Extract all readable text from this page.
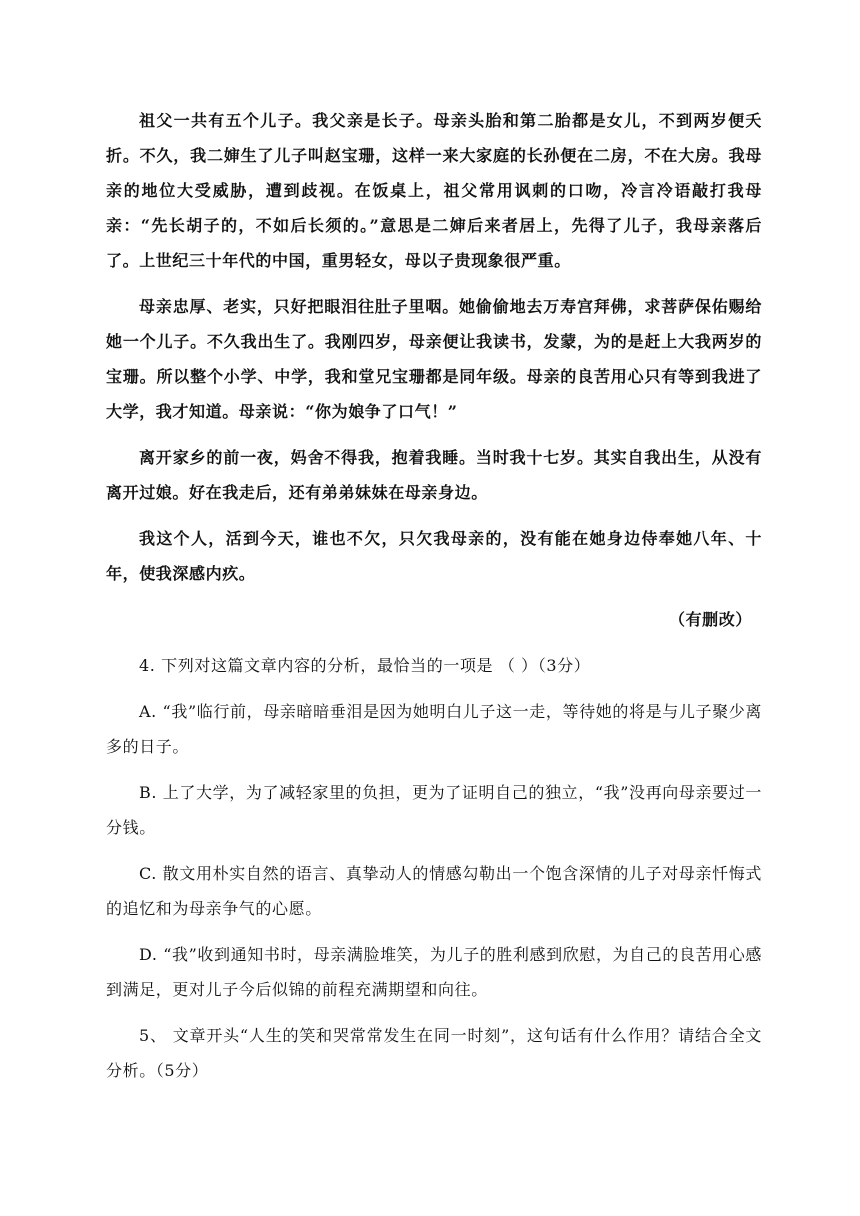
祖父一共有五个儿子。我父亲是长子。母亲头胎和第二胎都是女儿，不到两岁便夭折。不久，我二婶生了儿子叫赵宝珊，这样一来大家庭的长孙便在二房，不在大房。我母亲的地位大受威胁，遭到歧视。在饭桌上，祖父常用讽刺的口吻，冷言冷语敲打我母亲：“先长胡子的，不如后长须的。”意思是二婶后来者居上，先得了儿子，我母亲落后了。上世纪三十年代的中国，重男轻女，母以子贵现象很严重。

母亲忠厚、老实，只好把眼泪往肚子里咽。她偷偷地去万寿宫拜佛，求菩萨保佑赐给她一个儿子。不久我出生了。我刚四岁，母亲便让我读书，发蒙，为的是赶上大我两岁的宝珊。所以整个小学、中学，我和堂兄宝珊都是同年级。母亲的良苦用心只有等到我进了大学，我才知道。母亲说：“你为娘争了口气！”

离开家乡的前一夜，妈舍不得我，抱着我睡。当时我十七岁。其实自我出生，从没有离开过娘。好在我走后，还有弟弟妹妹在母亲身边。

我这个人，活到今天，谁也不欠，只欠我母亲的，没有能在她身边侍奉她八年、十年，使我深感内疚。

（有删改）

4. 下列对这篇文章内容的分析，最恰当的一项是 （ ）（3分）

A. “我”临行前，母亲暗暗垂泪是因为她明白儿子这一走，等待她的将是与儿子聚少离多的日子。

B. 上了大学，为了减轻家里的负担，更为了证明自己的独立，“我”没再向母亲要过一分钱。

C. 散文用朴实自然的语言、真挚动人的情感勾勒出一个饱含深情的儿子对母亲忏悔式的追忆和为母亲争气的心愿。

D. “我”收到通知书时，母亲满脸堆笑，为儿子的胜利感到欣慰，为自己的良苦用心感到满足，更对儿子今后似锦的前程充满期望和向往。

5、 文章开头“人生的笑和哭常常发生在同一时刻”，这句话有什么作用？请结合全文分析。（5分）
